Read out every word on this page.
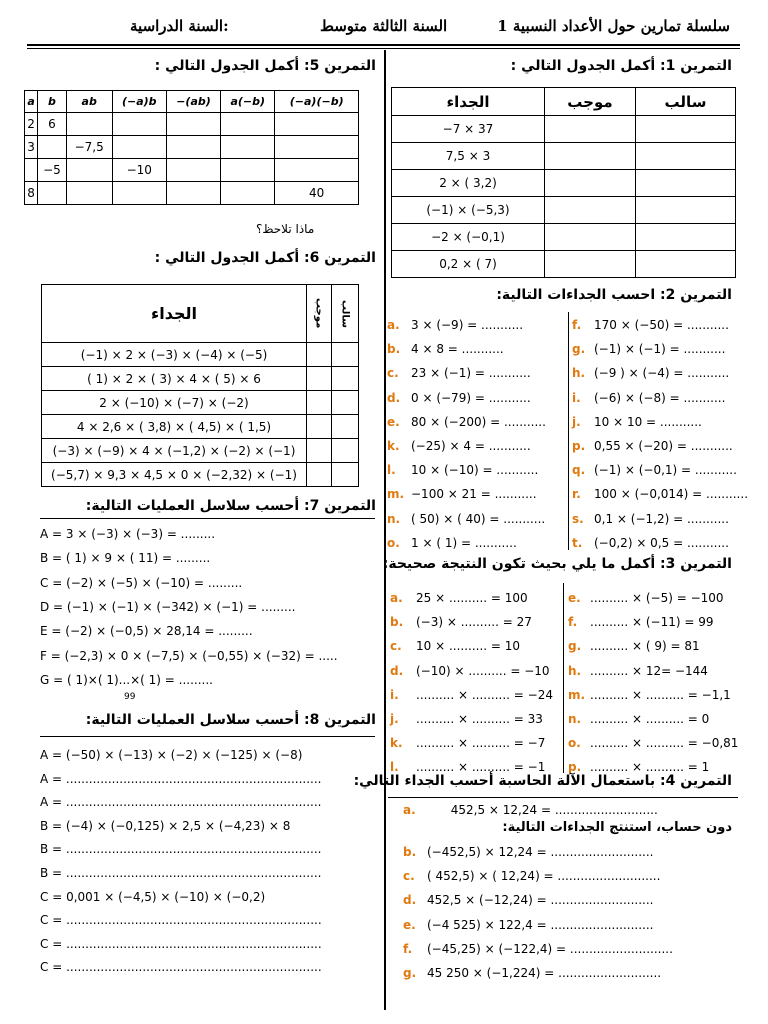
سلسلة تمارين حول الأعداد النسبية 1
السنة الثالثة متوسط
السنة الدراسية:
التمرين 1: أكمل الجدول التالي :
الجداء	موجب	سالب
−7 × 37		
7,5 × 3		
2 × ( 3,2)		
(−1) × (−5,3)		
−2 × (−0,1)		
0,2 × ( 7)		
التمرين 2: احسب الجداءات التالية:
a. 3 × (−9) = ...........
b. 4 × 8 = ...........
c. 23 × (−1) = ...........
d. 0 × (−79) = ...........
e. 80 × (−200) = ...........
k. (−25) × 4 = ...........
l. 10 × (−10) = ...........
m. −100 × 21 = ...........
n. ( 50) × ( 40) = ...........
o. 1 × ( 1) = ...........
f. 170 × (−50) = ...........
g. (−1) × (−1) = ...........
h. (−9 ) × (−4) = ...........
i. (−6) × (−8) = ...........
j. 10 × 10 = ...........
p. 0,55 × (−20) = ...........
q. (−1) × (−0,1) = ...........
r. 100 × (−0,014) = ...........
s. 0,1 × (−1,2) = ...........
t. (−0,2) × 0,5 = ...........
التمرين 3: أكمل ما يلي بحيث تكون النتيجة صحيحة:
a. 25 × .......... = 100
b. (−3) × .......... = 27
c. 10 × .......... = 10
d. (−10) × .......... = −10
i. .......... × .......... = −24
j. .......... × .......... = 33
k. .......... × .......... = −7
l. .......... × .......... = −1
e. .......... × (−5) = −100
f. .......... × (−11) = 99
g. .......... × ( 9) = 81
h. .......... × 12= −144
m. .......... × .......... = −1,1
n. .......... × .......... = 0
o. .......... × .......... = −0,81
p. .......... × .......... = 1
التمرين 4: باستعمال الآلة الحاسبة أحسب الجداء التالي:
a.	452,5 × 12,24 = ...........................
دون حساب، استنتج الجداءات التالية:
b. (−452,5) × 12,24 = ...........................
c. ( 452,5) × ( 12,24) = ...........................
d. 452,5 × (−12,24) = ...........................
e. (−4 525) × 122,4 = ...........................
f. (−45,25) × (−122,4) = ...........................
g. 45 250 × (−1,224) = ...........................
التمرين 5: أكمل الجدول التالي :
a	b	ab	(−a)b	−(ab)	a(−b)	(−a)(−b)
2	6					
3		−7,5				
	−5		−10			
8						40
ماذا تلاحظ؟
التمرين 6: أكمل الجدول التالي :
الجداء	موجب	سالب
(−1) × 2 × (−3) × (−4) × (−5)		
( 1) × 2 × ( 3) × 4 × ( 5) × 6		
2 × (−10) × (−7) × (−2)		
4 × 2,6 × ( 3,8) × ( 4,5) × ( 1,5)		
(−3) × (−9) × 4 × (−1,2) × (−2) × (−1)		
(−5,7) × 9,3 × 4,5 × 0 × (−2,32) × (−1)		
التمرين 7: أحسب سلاسل العمليات التالية:
A = 3 × (−3) × (−3) = .........
B = ( 1) × 9 × ( 11) = .........
C = (−2) × (−5) × (−10) = .........
D = (−1) × (−1) × (−342) × (−1) = .........
E = (−2) × (−0,5) × 28,14 = .........
F = (−2,3) × 0 × (−7,5) × (−0,55) × (−32) = .....
G = ( 1)×( 1)...×( 1) = .........
99
التمرين 8: أحسب سلاسل العمليات التالية:
A = (−50) × (−13) × (−2) × (−125) × (−8)
A = ...................................................................
A = ...................................................................
B = (−4) × (−0,125) × 2,5 × (−4,23) × 8
B = ...................................................................
B = ...................................................................
C = 0,001 × (−4,5) × (−10) × (−0,2)
C = ...................................................................
C = ...................................................................
C = ...................................................................
